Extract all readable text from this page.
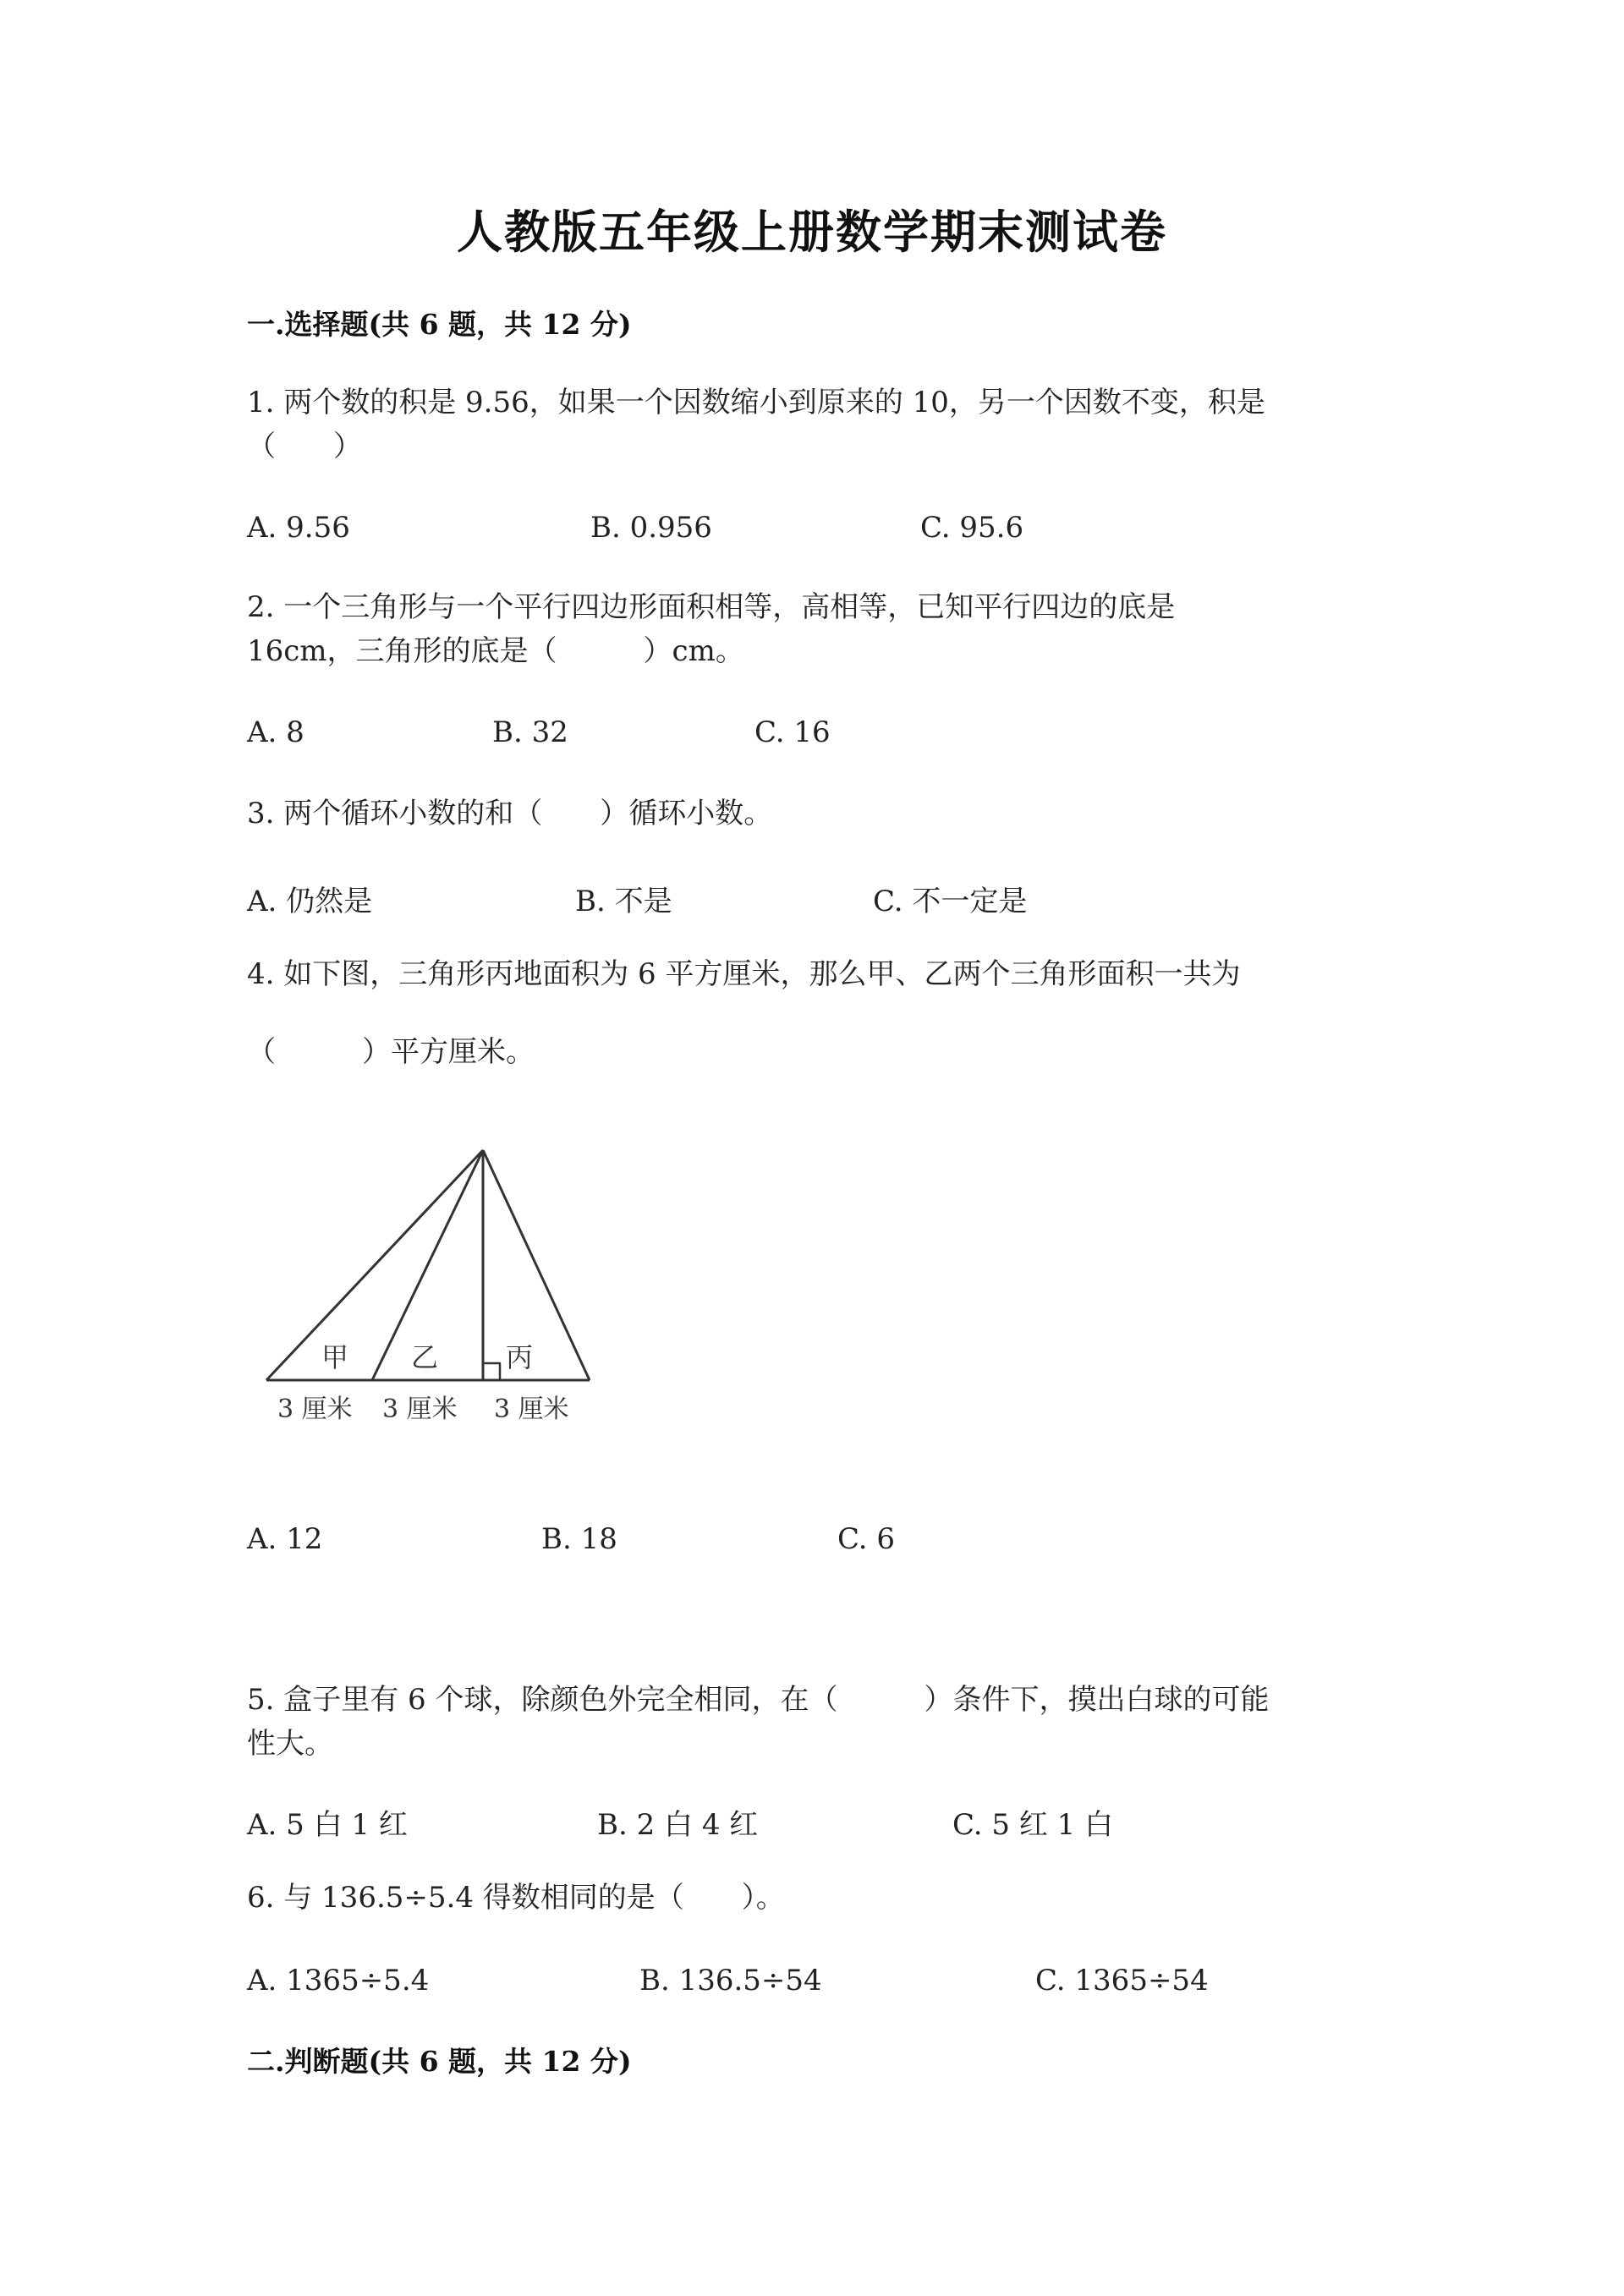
人教版五年级上册数学期末测试卷
一.选择题(共 6 题，共 12 分)
1. 两个数的积是 9.56，如果一个因数缩小到原来的 10，另一个因数不变，积是
（　　）
A. 9.56	B. 0.956	C. 95.6
2. 一个三角形与一个平行四边形面积相等，高相等，已知平行四边的底是
16cm，三角形的底是（　　　）cm。
A. 8	B. 32	C. 16
3. 两个循环小数的和（　　）循环小数。
A. 仍然是	B. 不是	C. 不一定是
4. 如下图，三角形丙地面积为 6 平方厘米，那么甲、乙两个三角形面积一共为
（　　　）平方厘米。
甲 乙 丙
3 厘米 3 厘米 3 厘米
A. 12	B. 18	C. 6
5. 盒子里有 6 个球，除颜色外完全相同，在（　　　）条件下，摸出白球的可能
性大。
A. 5 白 1 红	B. 2 白 4 红	C. 5 红 1 白
6. 与 136.5÷5.4 得数相同的是（　　）。
A. 1365÷5.4	B. 136.5÷54	C. 1365÷54
二.判断题(共 6 题，共 12 分)
